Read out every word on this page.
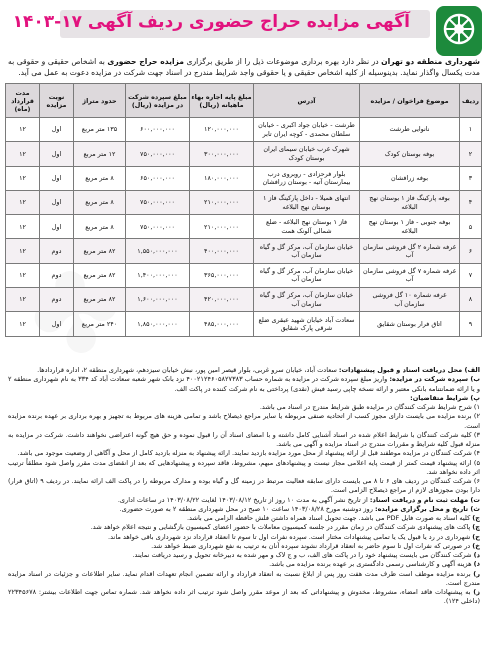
آگهی مزایده حراج حضوری ردیف آگهی ۱۷-۱۴۰۳
شهرداری منطقه دو تهران در نظر دارد بهره برداری موضوعات ذیل را از طریق برگزاری مزایده حراج حضوری به اشخاص حقیقی و حقوقی به مدت یکسال واگذار نماید. بدینوسیله از کلیه اشخاص حقیقی و یا حقوقی واجد شرایط مندرج در اسناد جهت شرکت در مزایده دعوت به عمل می آید.
ردیف	موضوع فراخوان / مزایده	آدرس	مبلغ پایه اجاره بهاء ماهیانه (ریال)	مبلغ سپرده شرکت در مزایده (ریال)	حدود متراژ	نوبت مزایده	مدت قرارداد (ماه)
۱	نانوایی طرشت	طرشت - خیابان جواد اکبری - خیابان سلطان محمدی - کوچه ایران تابر	۱۲۰,۰۰۰,۰۰۰	۶۰۰,۰۰۰,۰۰۰	۱۳۵ متر مربع	اول	۱۲
۲	بوفه بوستان کودک	شهرک غرب خیابان سیمای ایران بوستان کودک	۳۰۰,۰۰۰,۰۰۰	۷۵۰,۰۰۰,۰۰۰	۱۲ متر مربع	اول	۱۲
۳	بوفه زرافشان	بلوار فرحزادی - روبروی درب بیمارستان آتیه - بوستان زرافشان	۱۸۰,۰۰۰,۰۰۰	۶۵۰,۰۰۰,۰۰۰	۸ متر مربع	اول	۱۲
۴	بوفه پارکینگ فاز ۱ بوستان نهج البلاغه	انتهای همیلا - داخل پارکینگ فاز ۱ بوستان نهج البلاغه	۲۱۰,۰۰۰,۰۰۰	۷۵۰,۰۰۰,۰۰۰	۸ متر مربع	اول	۱۲
۵	بوفه جنوبی - فاز ۱ بوستان نهج البلاغه	فاز ۱ بوستان نهج البلاغه - ضلع شمالی آلونک همت	۲۱۰,۰۰۰,۰۰۰	۷۵۰,۰۰۰,۰۰۰	۸ متر مربع	اول	۱۲
۶	غرفه شماره ۲ گل فروشی سازمان آب	خیابان سازمان آب، مرکز گل و گیاه سازمان آب	۴۰۰,۰۰۰,۰۰۰	۱,۵۵۰,۰۰۰,۰۰۰	۸۲ متر مربع	دوم	۱۲
۷	غرفه شماره ۷ گل فروشی سازمان آب	خیابان سازمان آب، مرکز گل و گیاه سازمان آب	۳۶۵,۰۰۰,۰۰۰	۱,۴۰۰,۰۰۰,۰۰۰	۸۲ متر مربع	دوم	۱۲
۸	غرفه شماره ۱۰ گل فروشی سازمان آب	خیابان سازمان آب، مرکز گل و گیاه سازمان آب	۴۲۰,۰۰۰,۰۰۰	۱,۶۰۰,۰۰۰,۰۰۰	۸۲ متر مربع	دوم	۱۲
۹	اتاق فرار بوستان شقایق	سعادت آباد خیابان شهید عبقری ضلع شرقی پارک شقایق	۴۸۵,۰۰۰,۰۰۰	۱,۸۵۰,۰۰۰,۰۰۰	۲۴۰ متر مربع	اول	۱۲

الف) محل دریافت اسناد و قبول پیشنهادات: سعادت آباد، خیابان سرو غربی، بلوار قیصر امین پور، نبش خیابان سیزدهم، شهرداری منطقه ۲، اداره قراردادها.

ب) سپرده شرکت در مزایده: واریز مبلغ سپرده شرکت در مزایده به شماره حساب ۴۰۰۲۱۲۴۶۰۵۸۲۷۳۸۳ نزد بانک شهر شعبه سعادت آباد کد ۳۳۴ به نام شهرداری منطقه ۲ و یا ارائه ضمانتنامه بانکی معتبر و ارائه نسخه چاپی رسید فیش (نقدی) پرداختی به نام شرکت کننده در پاکت الف.

پ) شرایط متقاضیان:

۱) شرح شرایط شرکت کنندگان در مزایده طبق شرایط مندرج در اسناد می باشد.

۲) برنده مزایده می بایست دارای مجوز کسب از اتحادیه صنفی مربوطه یا سایر مراجع ذیصلاح باشد و تمامی هزینه های مربوط به تجهیز و بهره برداری بر عهده برنده مزایده است.

۳) کلیه شرکت کنندگان با شرایط اعلام شده در اسناد آشنایی کامل داشته و با امضای اسناد آن را قبول نموده و حق هیچ گونه اعتراضی نخواهند داشت. شرکت در مزایده به منزله قبول کلیه شرایط و مقررات مندرج در اسناد مزایده و آگهی می باشد.

۴) شرکت کنندگان در مزایده موظفند قبل از ارائه پیشنهاد از محل مورد مزایده بازدید نمایند. ارائه پیشنهاد به منزله بازدید کامل از محل و آگاهی از وضعیت موجود می باشد.

۵) ارائه پیشنهاد قیمت کمتر از قیمت پایه اعلامی مجاز نیست و پیشنهادهای مبهم، مشروط، فاقد سپرده و پیشنهادهایی که بعد از انقضای مدت مقرر واصل شود مطلقاً ترتیب اثر داده نخواهد شد.

۶) شرکت کنندگان در ردیف های ۶ تا ۸ می بایست دارای سابقه فعالیت مرتبط در زمینه گل و گیاه بوده و مدارک مربوطه را در پاکت الف ارائه نمایند. در ردیف ۹ (اتاق فرار) دارا بودن مجوزهای لازم از مراجع ذیصلاح الزامی است.

ت) مهلت ثبت نام و دریافت اسناد: از تاریخ نشر آگهی به مدت ۱۰ روز از تاریخ ۱۴۰۳/۰۸/۱۲ لغایت ۱۴۰۳/۰۸/۲۲ در ساعات اداری.

ث) تاریخ و محل برگزاری مزایده: روز دوشنبه مورخ ۱۴۰۳/۰۸/۲۸ ساعت ۱۰ صبح در محل شهرداری منطقه ۲ به صورت حضوری.

ج) کلیه اسناد به صورت فایل PDF می باشد. جهت تحویل اسناد همراه داشتن فلش حافظه الزامی می باشد.

چ) پاکت های پیشنهادی شرکت کنندگان در زمان مقرر در جلسه کمیسیون معاملات با حضور اعضای کمیسیون بازگشایی و نتیجه اعلام خواهد شد.

ح) شهرداری در رد یا قبول یک یا تمامی پیشنهادات مختار است. سپرده نفرات اول تا سوم تا انعقاد قرارداد نزد شهرداری باقی خواهد ماند.

خ) در صورتی که نفرات اول تا سوم حاضر به انعقاد قرارداد نشوند سپرده آنان به ترتیب به نفع شهرداری ضبط خواهد شد.

د) شرکت کنندگان می بایست پیشنهاد خود را در پاکت های الف، ب و ج لاک و مهر شده به دبیرخانه تحویل و رسید دریافت نمایند.

ذ) هزینه آگهی و کارشناسی رسمی دادگستری بر عهده برنده مزایده می باشد.

ر) برنده مزایده موظف است ظرف مدت هفت روز پس از ابلاغ نسبت به انعقاد قرارداد و ارائه تضمین انجام تعهدات اقدام نماید. سایر اطلاعات و جزئیات در اسناد مزایده مندرج است.

ز) به پیشنهادات فاقد امضاء، مشروط، مخدوش و پیشنهاداتی که بعد از موعد مقرر واصل شود ترتیب اثر داده نخواهد شد. شماره تماس جهت اطلاعات بیشتر: ۲۲۳۴۵۶۷۸ (داخلی ۱۲۴).
